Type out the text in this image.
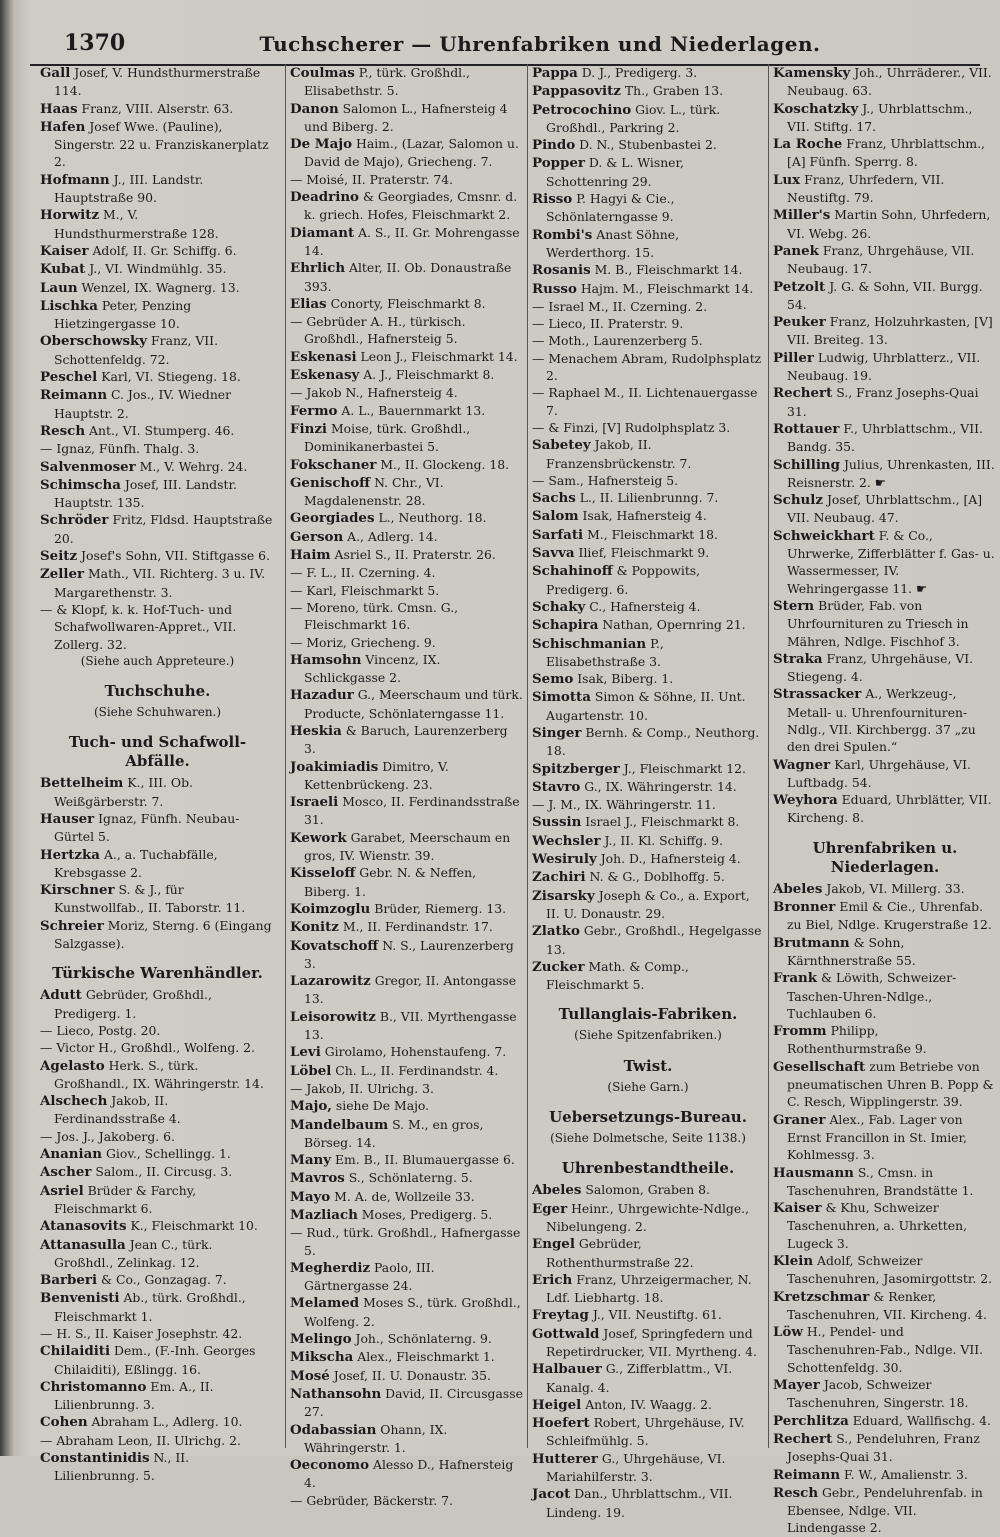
1370	Tuchscherer — Uhrenfabriken und Niederlagen.

Gall Josef, V. Hundsthurmerstraße 114.

Haas Franz, VIII. Alserstr. 63.

Hafen Josef Wwe. (Pauline), Singerstr. 22 u. Franziskanerplatz 2.

Hofmann J., III. Landstr. Hauptstraße 90.

Horwitz M., V. Hundsthurmerstraße 128.

Kaiser Adolf, II. Gr. Schiffg. 6.

Kubat J., VI. Windmühlg. 35.

Laun Wenzel, IX. Wagnerg. 13.

Lischka Peter, Penzing Hietzingergasse 10.

Oberschowsky Franz, VII. Schottenfeldg. 72.

Peschel Karl, VI. Stiegeng. 18.

Reimann C. Jos., IV. Wiedner Hauptstr. 2.

Resch Ant., VI. Stumperg. 46.

— Ignaz, Fünfh. Thalg. 3.

Salvenmoser M., V. Wehrg. 24.

Schimscha Josef, III. Landstr. Hauptstr. 135.

Schröder Fritz, Fldsd. Hauptstraße 20.

Seitz Josef's Sohn, VII. Stiftgasse 6.

Zeller Math., VII. Richterg. 3 u. IV. Margarethenstr. 3.

— & Klopf, k. k. Hof-Tuch- und Schafwollwaren-Appret., VII. Zollerg. 32.

(Siehe auch Appreteure.)
Tuchschuhe.
(Siehe Schuhwaren.)
Tuch- und Schafwoll-Abfälle.

Bettelheim K., III. Ob. Weißgärberstr. 7.

Hauser Ignaz, Fünfh. Neubau-Gürtel 5.

Hertzka A., a. Tuchabfälle, Krebsgasse 2.

Kirschner S. & J., für Kunstwollfab., II. Taborstr. 11.

Schreier Moriz, Sterng. 6 (Eingang Salzgasse).

Türkische Warenhändler.

Adutt Gebrüder, Großhdl., Predigerg. 1.

— Lieco, Postg. 20.

— Victor H., Großhdl., Wolfeng. 2.

Agelasto Herk. S., türk. Großhandl., IX. Währingerstr. 14.

Alschech Jakob, II. Ferdinandsstraße 4.

— Jos. J., Jakoberg. 6.

Ananian Giov., Schellingg. 1.

Ascher Salom., II. Circusg. 3.

Asriel Brüder & Farchy, Fleischmarkt 6.

Atanasovits K., Fleischmarkt 10.

Attanasulla Jean C., türk. Großhdl., Zelinkag. 12.

Barberi & Co., Gonzagag. 7.

Benvenisti Ab., türk. Großhdl., Fleischmarkt 1.

— H. S., II. Kaiser Josephstr. 42.

Chilaiditi Dem., (F.-Inh. Georges Chilaiditi), Eßlingg. 16.

Christomanno Em. A., II. Lilienbrunng. 3.

Cohen Abraham L., Adlerg. 10.

— Abraham Leon, II. Ulrichg. 2.

Constantinidis N., II. Lilienbrunng. 5.

Coulmas P., türk. Großhdl., Elisabethstr. 5.

Danon Salomon L., Hafnersteig 4 und Biberg. 2.

De Majo Haim., (Lazar, Salomon u. David de Majo), Griecheng. 7.

— Moisé, II. Praterstr. 74.

Deadrino & Georgiades, Cmsnr. d. k. griech. Hofes, Fleischmarkt 2.

Diamant A. S., II. Gr. Mohrengasse 14.

Ehrlich Alter, II. Ob. Donaustraße 393.

Elias Conorty, Fleischmarkt 8.

— Gebrüder A. H., türkisch. Großhdl., Hafnersteig 5.

Eskenasi Leon J., Fleischmarkt 14.

Eskenasy A. J., Fleischmarkt 8.

— Jakob N., Hafnersteig 4.

Fermo A. L., Bauernmarkt 13.

Finzi Moise, türk. Großhdl., Dominikanerbastei 5.

Fokschaner M., II. Glockeng. 18.

Genischoff N. Chr., VI. Magdalenenstr. 28.

Georgiades L., Neuthorg. 18.

Gerson A., Adlerg. 14.

Haim Asriel S., II. Praterstr. 26.

— F. L., II. Czerning. 4.

— Karl, Fleischmarkt 5.

— Moreno, türk. Cmsn. G., Fleischmarkt 16.

— Moriz, Griecheng. 9.

Hamsohn Vincenz, IX. Schlickgasse 2.

Hazadur G., Meerschaum und türk. Producte, Schönlaterngasse 11.

Heskia & Baruch, Laurenzerberg 3.

Joakimiadis Dimitro, V. Kettenbrückeng. 23.

Israeli Mosco, II. Ferdinandsstraße 31.

Kework Garabet, Meerschaum en gros, IV. Wienstr. 39.

Kisseloff Gebr. N. & Neffen, Biberg. 1.

Koimzoglu Brüder, Riemerg. 13.

Konitz M., II. Ferdinandstr. 17.

Kovatschoff N. S., Laurenzerberg 3.

Lazarowitz Gregor, II. Antongasse 13.

Leisorowitz B., VII. Myrthengasse 13.

Levi Girolamo, Hohenstaufeng. 7.

Löbel Ch. L., II. Ferdinandstr. 4.

— Jakob, II. Ulrichg. 3.

Majo, siehe De Majo.

Mandelbaum S. M., en gros, Börseg. 14.

Many Em. B., II. Blumauergasse 6.

Mavros S., Schönlaterng. 5.

Mayo M. A. de, Wollzeile 33.

Mazliach Moses, Predigerg. 5.

— Rud., türk. Großhdl., Hafnergasse 5.

Megherdiz Paolo, III. Gärtnergasse 24.

Melamed Moses S., türk. Großhdl., Wolfeng. 2.

Melingo Joh., Schönlaterng. 9.

Mikscha Alex., Fleischmarkt 1.

Mosé Josef, II. U. Donaustr. 35.

Nathansohn David, II. Circusgasse 27.

Odabassian Ohann, IX. Währingerstr. 1.

Oeconomo Alesso D., Hafnersteig 4.

— Gebrüder, Bäckerstr. 7.

Pappa D. J., Predigerg. 3.

Pappasovitz Th., Graben 13.

Petrocochino Giov. L., türk. Großhdl., Parkring 2.

Pindo D. N., Stubenbastei 2.

Popper D. & L. Wisner, Schottenring 29.

Risso P. Hagyi & Cie., Schönlaterngasse 9.

Rombi's Anast Söhne, Werderthorg. 15.

Rosanis M. B., Fleischmarkt 14.

Russo Hajm. M., Fleischmarkt 14.

— Israel M., II. Czerning. 2.

— Lieco, II. Praterstr. 9.

— Moth., Laurenzerberg 5.

— Menachem Abram, Rudolphsplatz 2.

— Raphael M., II. Lichtenauergasse 7.

— & Finzi, [V] Rudolphsplatz 3.

Sabetey Jakob, II. Franzensbrückenstr. 7.

— Sam., Hafnersteig 5.

Sachs L., II. Lilienbrunng. 7.

Salom Isak, Hafnersteig 4.

Sarfati M., Fleischmarkt 18.

Savva Ilief, Fleischmarkt 9.

Schahinoff & Poppowits, Predigerg. 6.

Schaky C., Hafnersteig 4.

Schapira Nathan, Opernring 21.

Schischmanian P., Elisabethstraße 3.

Semo Isak, Biberg. 1.

Simotta Simon & Söhne, II. Unt. Augartenstr. 10.

Singer Bernh. & Comp., Neuthorg. 18.

Spitzberger J., Fleischmarkt 12.

Stavro G., IX. Währingerstr. 14.

— J. M., IX. Währingerstr. 11.

Sussin Israel J., Fleischmarkt 8.

Wechsler J., II. Kl. Schiffg. 9.

Wesiruly Joh. D., Hafnersteig 4.

Zachiri N. & G., Doblhoffg. 5.

Zisarsky Joseph & Co., a. Export, II. U. Donaustr. 29.

Zlatko Gebr., Großhdl., Hegelgasse 13.

Zucker Math. & Comp., Fleischmarkt 5.

Tullanglais-Fabriken.
(Siehe Spitzenfabriken.)
Twist.
(Siehe Garn.)
Uebersetzungs-Bureau.
(Siehe Dolmetsche, Seite 1138.)
Uhrenbestandtheile.

Abeles Salomon, Graben 8.

Eger Heinr., Uhrgewichte-Ndlge., Nibelungeng. 2.

Engel Gebrüder, Rothenthurmstraße 22.

Erich Franz, Uhrzeigermacher, N. Ldf. Liebhartg. 18.

Freytag J., VII. Neustiftg. 61.

Gottwald Josef, Springfedern und Repetirdrucker, VII. Myrtheng. 4.

Halbauer G., Zifferblattm., VI. Kanalg. 4.

Heigel Anton, IV. Waagg. 2.

Hoefert Robert, Uhrgehäuse, IV. Schleifmühlg. 5.

Hutterer G., Uhrgehäuse, VI. Mariahilferstr. 3.

Jacot Dan., Uhrblattschm., VII. Lindeng. 19.

Kamensky Joh., Uhrräderer., VII. Neubaug. 63.

Koschatzky J., Uhrblattschm., VII. Stiftg. 17.

La Roche Franz, Uhrblattschm., [A] Fünfh. Sperrg. 8.

Lux Franz, Uhrfedern, VII. Neustiftg. 79.

Miller's Martin Sohn, Uhrfedern, VI. Webg. 26.

Panek Franz, Uhrgehäuse, VII. Neubaug. 17.

Petzolt J. G. & Sohn, VII. Burgg. 54.

Peuker Franz, Holzuhrkasten, [V] VII. Breiteg. 13.

Piller Ludwig, Uhrblatterz., VII. Neubaug. 19.

Rechert S., Franz Josephs-Quai 31.

Rottauer F., Uhrblattschm., VII. Bandg. 35.

Schilling Julius, Uhrenkasten, III. Reisnerstr. 2. ☛

Schulz Josef, Uhrblattschm., [A] VII. Neubaug. 47.

Schweickhart F. & Co., Uhrwerke, Zifferblätter f. Gas- u. Wassermesser, IV. Wehringergasse 11. ☛

Stern Brüder, Fab. von Uhrfournituren zu Triesch in Mähren, Ndlge. Fischhof 3.

Straka Franz, Uhrgehäuse, VI. Stiegeng. 4.

Strassacker A., Werkzeug-, Metall- u. Uhrenfournituren-Ndlg., VII. Kirchbergg. 37 „zu den drei Spulen.“

Wagner Karl, Uhrgehäuse, VI. Luftbadg. 54.

Weyhora Eduard, Uhrblätter, VII. Kircheng. 8.

Uhrenfabriken u. Niederlagen.

Abeles Jakob, VI. Millerg. 33.

Bronner Emil & Cie., Uhrenfab. zu Biel, Ndlge. Krugerstraße 12.

Brutmann & Sohn, Kärnthnerstraße 55.

Frank & Löwith, Schweizer-Taschen-Uhren-Ndlge., Tuchlauben 6.

Fromm Philipp, Rothenthurmstraße 9.

Gesellschaft zum Betriebe von pneumatischen Uhren B. Popp & C. Resch, Wipplingerstr. 39.

Graner Alex., Fab. Lager von Ernst Francillon in St. Imier, Kohlmessg. 3.

Hausmann S., Cmsn. in Taschenuhren, Brandstätte 1.

Kaiser & Khu, Schweizer Taschenuhren, a. Uhrketten, Lugeck 3.

Klein Adolf, Schweizer Taschenuhren, Jasomirgottstr. 2.

Kretzschmar & Renker, Taschenuhren, VII. Kircheng. 4.

Löw H., Pendel- und Taschenuhren-Fab., Ndlge. VII. Schottenfeldg. 30.

Mayer Jacob, Schweizer Taschenuhren, Singerstr. 18.

Perchlitza Eduard, Wallfischg. 4.

Rechert S., Pendeluhren, Franz Josephs-Quai 31.

Reimann F. W., Amalienstr. 3.

Resch Gebr., Pendeluhrenfab. in Ebensee, Ndlge. VII. Lindengasse 2.
